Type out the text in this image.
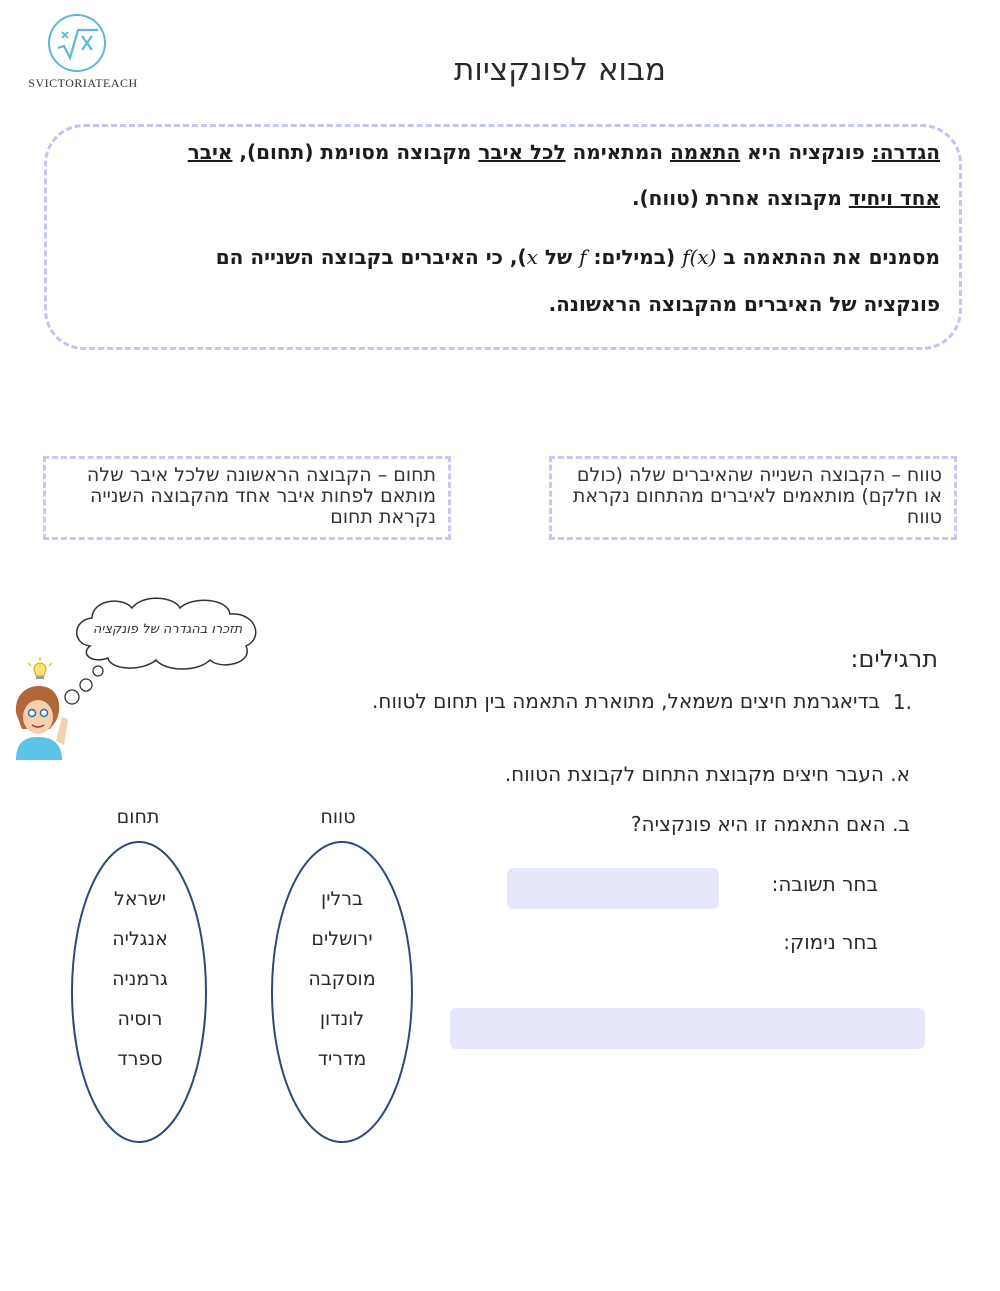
SVICTORIATEACH	מבוא לפונקציות
הגדרה: פונקציה היא התאמה המתאימה לכל איבר מקבוצה מסוימת (תחום), איבר
אחד ויחיד מקבוצה אחרת (טווח).
מסמנים את ההתאמה ב f(x) (במילים: f של x), כי האיברים בקבוצה השנייה הם
פונקציה של האיברים מהקבוצה הראשונה.
טווח – הקבוצה השנייה שהאיברים שלה (כולם או חלקם) מותאמים לאיברים מהתחום נקראת טווח
תחום – הקבוצה הראשונה שלכל איבר שלה מותאם לפחות איבר אחד מהקבוצה השנייה נקראת תחום
תזכרו בהגדרה של פונקציה
תרגילים:
1.
בדיאגרמת חיצים משמאל, מתוארת התאמה בין תחום לטווח.
א. העבר חיצים מקבוצת התחום לקבוצת הטווח.
ב. האם התאמה זו היא פונקציה?
בחר תשובה:
בחר נימוק:
תחום	טווח
ישראל
אנגליה
גרמניה
רוסיה
ספרד
ברלין
ירושלים
מוסקבה
לונדון
מדריד
